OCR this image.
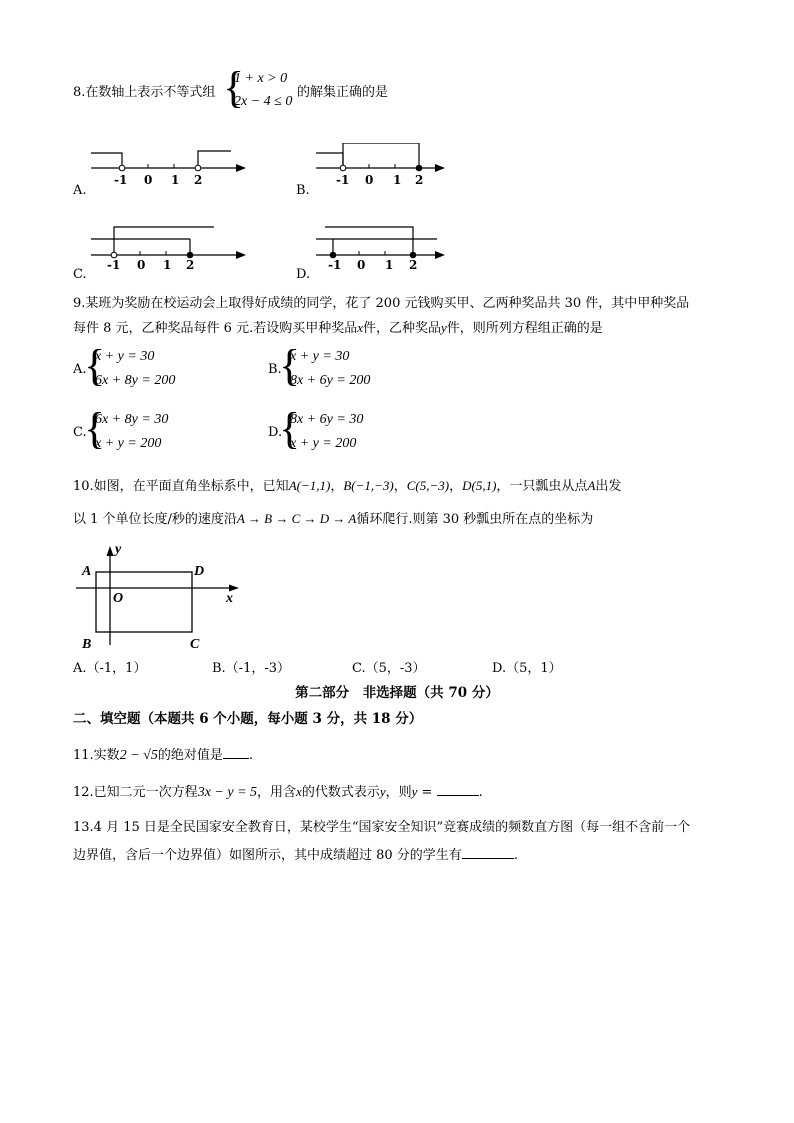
8.在数轴上表示不等式组 {
1 + x > 0
2x − 4 ≤ 0
的解集正确的是
-1 0 1 2
A.
-1 0 1 2
B.
-1 0 1 2
C.
-1 0 1 2
D.
9.某班为奖励在校运动会上取得好成绩的同学，花了 200 元钱购买甲、乙两种奖品共 30 件，其中甲种奖品
每件 8 元，乙种奖品每件 6 元.若设购买甲种奖品x件，乙种奖品y件，则所列方程组正确的是
A.
{
x + y = 30
6x + 8y = 200
B.
{
x + y = 30
8x + 6y = 200
C.
{
6x + 8y = 30
x + y = 200
D.
{
8x + 6y = 30
x + y = 200
10.如图，在平面直角坐标系中，已知A(−1,1)，B(−1,−3)，C(5,−3)，D(5,1)，一只瓢虫从点A出发
以 1 个单位长度/秒的速度沿A → B → C → D → A循环爬行.则第 30 秒瓢虫所在点的坐标为
y
x
O
A	D
B	C
A.（-1，1）	B.（-1，-3）	C.（5，-3）	D.（5，1）
第二部分　非选择题（共 70 分）
二、填空题（本题共 6 个小题，每小题 3 分，共 18 分）
11.实数2 − √5的绝对值是 .
12.已知二元一次方程3x − y = 5，用含x的代数式表示y，则y =	.
13.4 月 15 日是全民国家安全教育日，某校学生“国家安全知识”竞赛成绩的频数直方图（每一组不含前一个
边界值，含后一个边界值）如图所示，其中成绩超过 80 分的学生有	.
